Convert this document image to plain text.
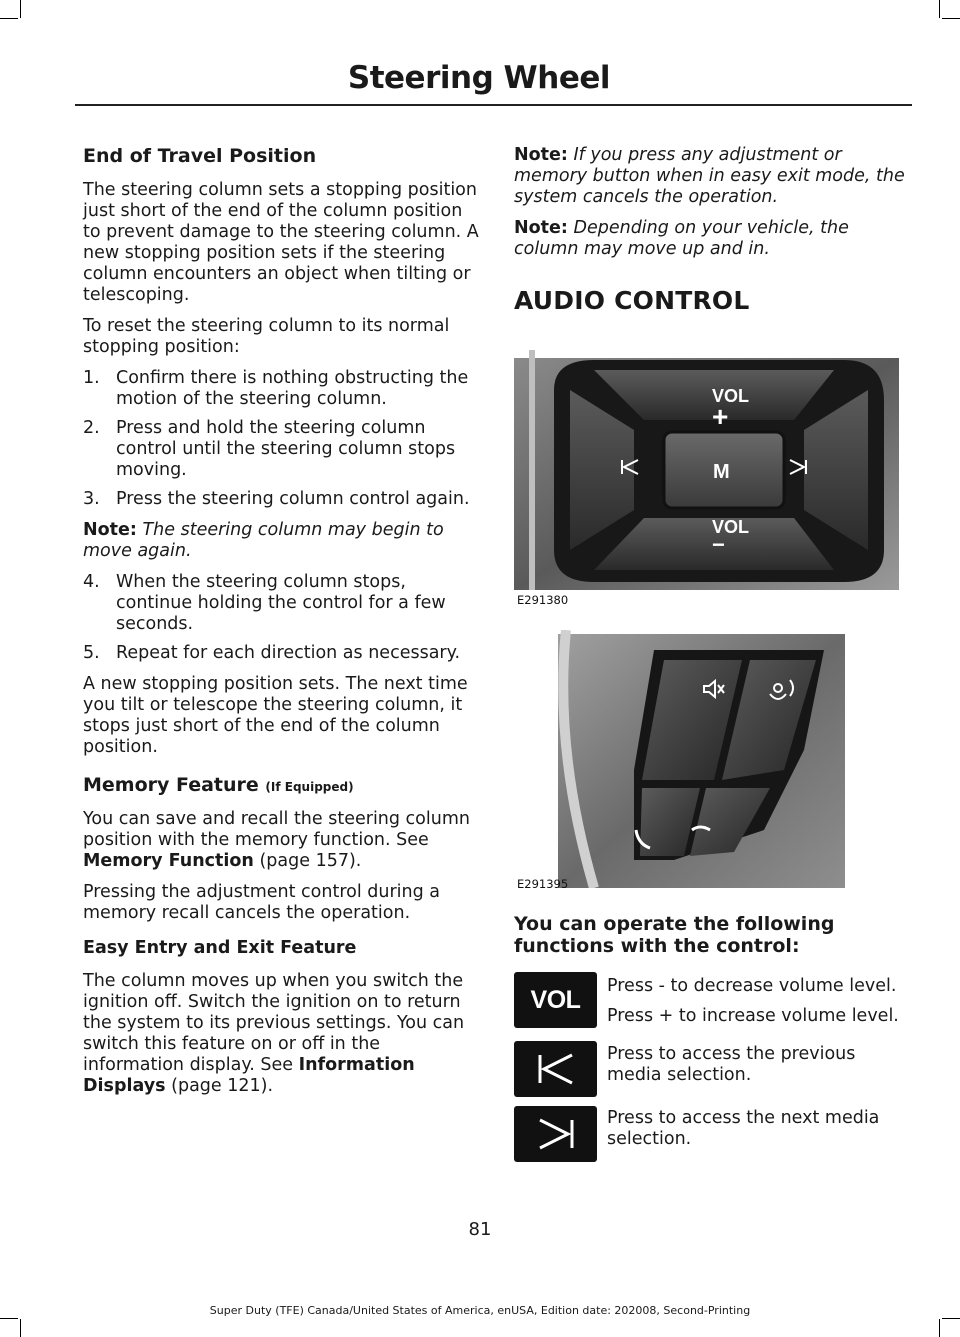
Steering Wheel
End of Travel Position

The steering column sets a stopping position just short of the end of the column position to prevent damage to the steering column. A new stopping position sets if the steering column encounters an object when tilting or telescoping.

To reset the steering column to its normal stopping position:

1. Confirm there is nothing obstructing the motion of the steering column.
2. Press and hold the steering column control until the steering column stops moving.
3. Press the steering column control again.

Note: The steering column may begin to move again.

4. When the steering column stops, continue holding the control for a few seconds.
5. Repeat for each direction as necessary.

A new stopping position sets. The next time you tilt or telescope the steering column, it stops just short of the end of the column position.

Memory Feature (If Equipped)

You can save and recall the steering column position with the memory function. See Memory Function (page 157).

Pressing the adjustment control during a memory recall cancels the operation.

Easy Entry and Exit Feature

The column moves up when you switch the ignition off. Switch the ignition on to return the system to its previous settings. You can switch this feature on or off in the information display. See Information Displays (page 121).

Note: If you press any adjustment or memory button when in easy exit mode, the system cancels the operation.

Note: Depending on your vehicle, the column may move up and in.

AUDIO CONTROL
VOL
+
M
VOL
−
E291380
E291395
You can operate the following functions with the control:
VOL Press - to decrease volume level.
Press + to increase volume level.
Press to access the previous media selection.
Press to access the next media selection.
81
Super Duty (TFE) Canada/United States of America, enUSA, Edition date: 202008, Second-Printing
